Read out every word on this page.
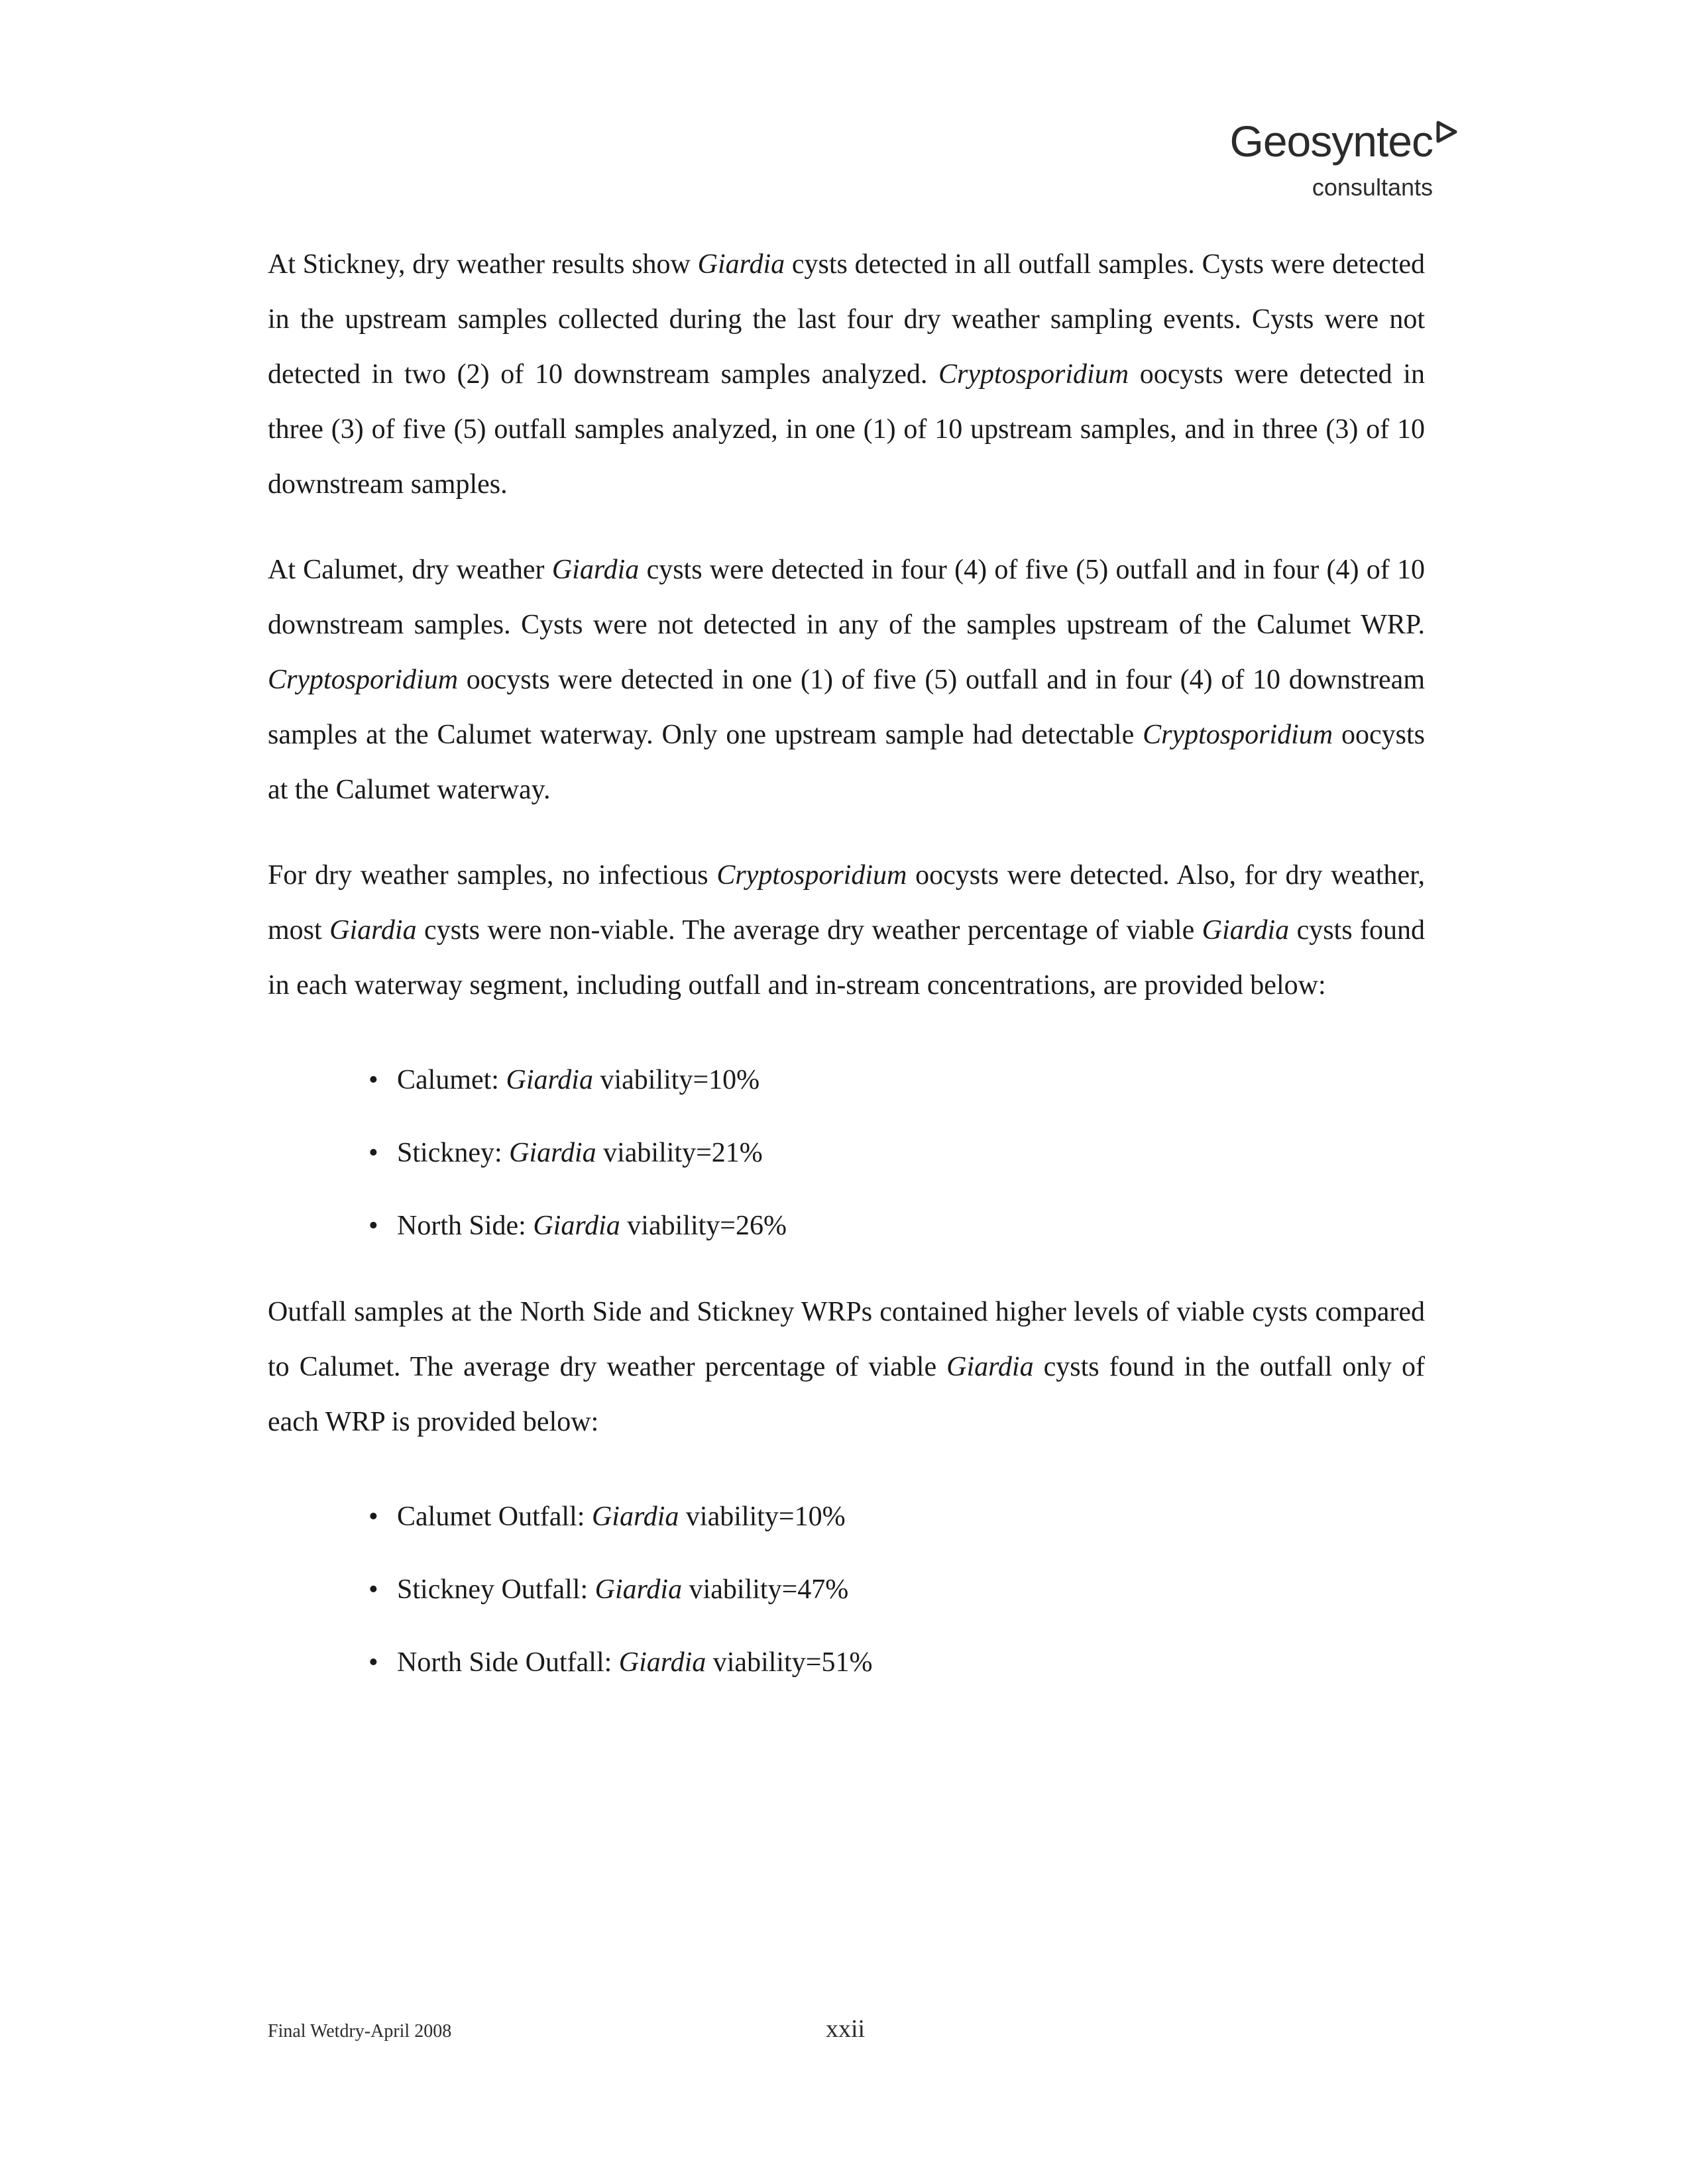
Geosyntec
consultants

At Stickney, dry weather results show Giardia cysts detected in all outfall samples. Cysts were detected in the upstream samples collected during the last four dry weather sampling events. Cysts were not detected in two (2) of 10 downstream samples analyzed. Cryptosporidium oocysts were detected in three (3) of five (5) outfall samples analyzed, in one (1) of 10 upstream samples, and in three (3) of 10 downstream samples.

At Calumet, dry weather Giardia cysts were detected in four (4) of five (5) outfall and in four (4) of 10 downstream samples. Cysts were not detected in any of the samples upstream of the Calumet WRP. Cryptosporidium oocysts were detected in one (1) of five (5) outfall and in four (4) of 10 downstream samples at the Calumet waterway. Only one upstream sample had detectable Cryptosporidium oocysts at the Calumet waterway.

For dry weather samples, no infectious Cryptosporidium oocysts were detected. Also, for dry weather, most Giardia cysts were non-viable. The average dry weather percentage of viable Giardia cysts found in each waterway segment, including outfall and in-stream concentrations, are provided below:

• Calumet: Giardia viability=10%
• Stickney: Giardia viability=21%
• North Side: Giardia viability=26%

Outfall samples at the North Side and Stickney WRPs contained higher levels of viable cysts compared to Calumet. The average dry weather percentage of viable Giardia cysts found in the outfall only of each WRP is provided below:

• Calumet Outfall: Giardia viability=10%
• Stickney Outfall: Giardia viability=47%
• North Side Outfall: Giardia viability=51%
Final Wetdry-April 2008	xxii
